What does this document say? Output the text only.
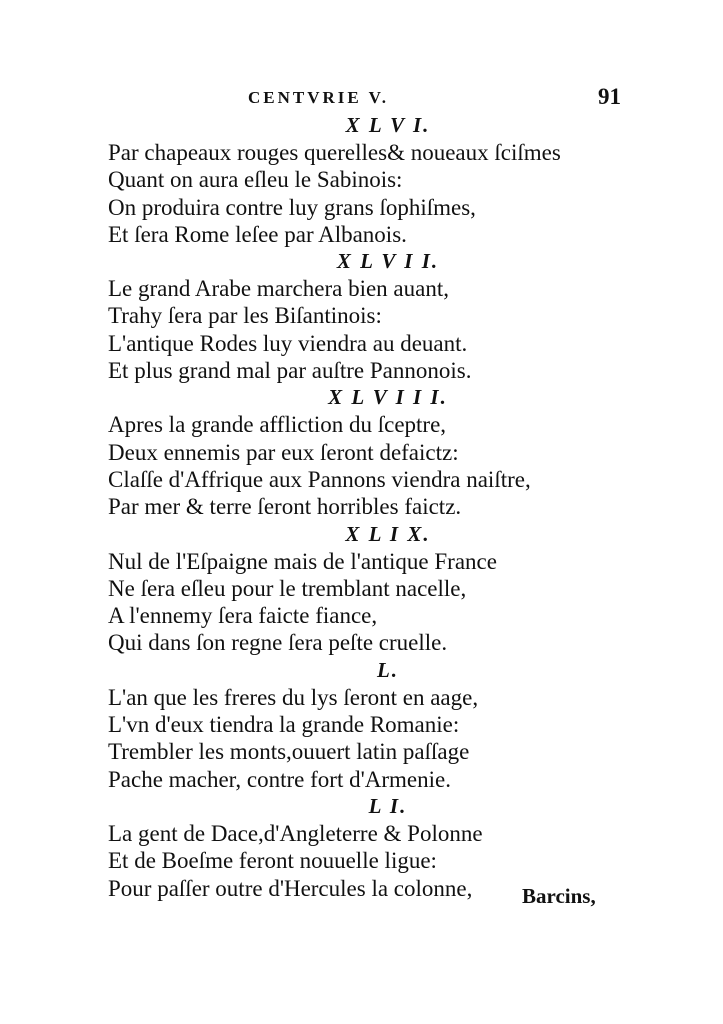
CENTVRIE V.	91
X L V I.
Par chapeaux rouges querelles& noueaux ſciſmes
Quant on aura eſleu le Sabinois:
On produira contre luy grans ſophiſmes,
Et ſera Rome leſee par Albanois.
X L V I I.
Le grand Arabe marchera bien auant,
Trahy ſera par les Biſantinois:
L'antique Rodes luy viendra au deuant.
Et plus grand mal par auſtre Pannonois.
X L V I I I.
Apres la grande affliction du ſceptre,
Deux ennemis par eux ſeront defaictz:
Claſſe d'Affrique aux Pannons viendra naiſtre,
Par mer & terre ſeront horribles faictz.
X L I X.
Nul de l'Eſpaigne mais de l'antique France
Ne ſera eſleu pour le tremblant nacelle,
A l'ennemy ſera faicte fiance,
Qui dans ſon regne ſera peſte cruelle.
L.
L'an que les freres du lys ſeront en aage,
L'vn d'eux tiendra la grande Romanie:
Trembler les monts,ouuert latin paſſage
Pache macher, contre fort d'Armenie.
L I.
La gent de Dace,d'Angleterre & Polonne
Et de Boeſme feront nouuelle ligue:
Pour paſſer outre d'Hercules la colonne,	Barcins,
